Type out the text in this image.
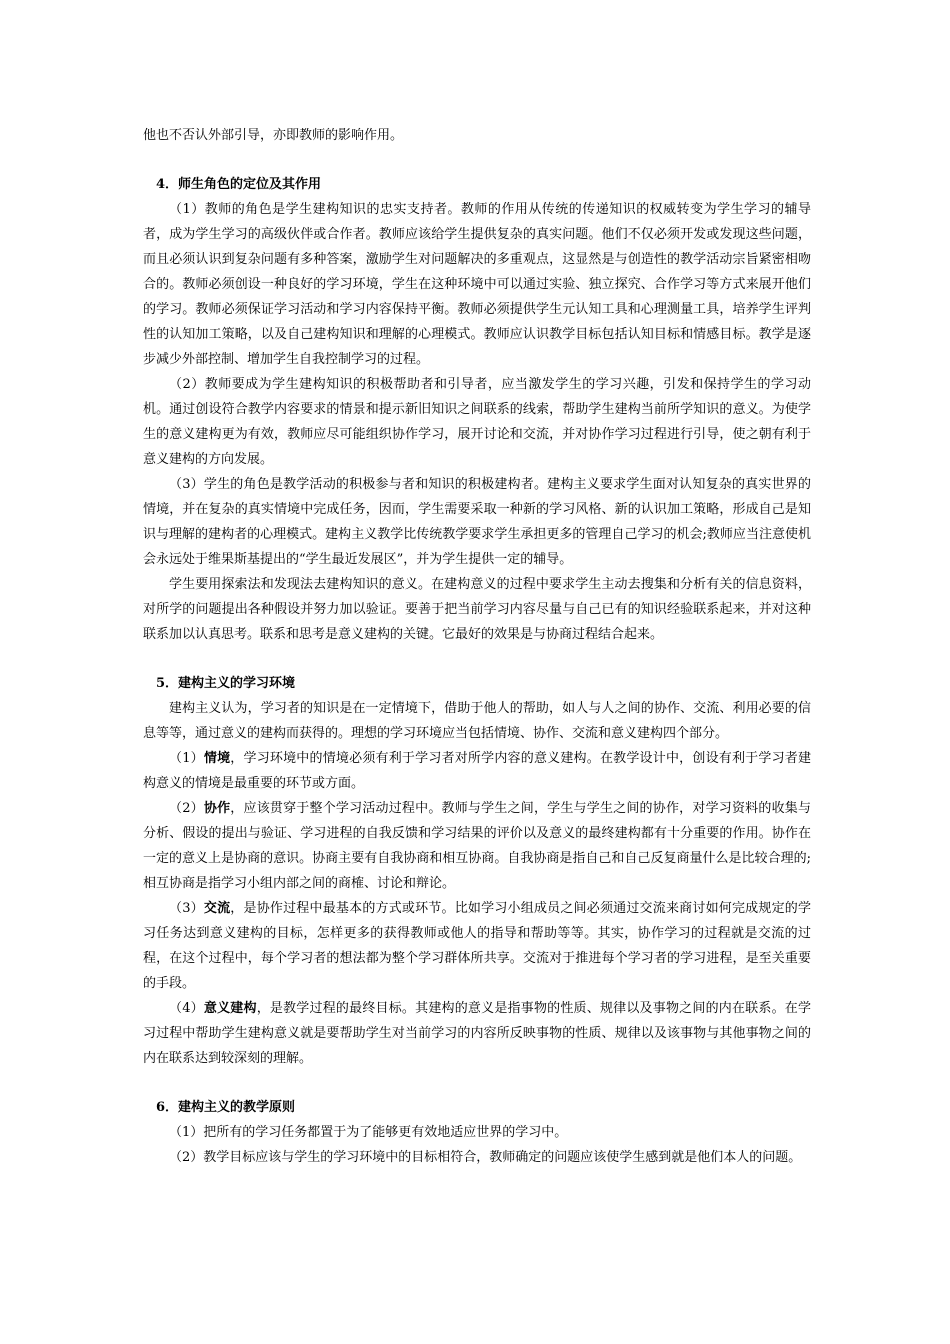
他也不否认外部引导，亦即教师的影响作用。

4．师生角色的定位及其作用

（1）教师的角色是学生建构知识的忠实支持者。教师的作用从传统的传递知识的权威转变为学生学习的辅导者，成为学生学习的高级伙伴或合作者。教师应该给学生提供复杂的真实问题。他们不仅必须开发或发现这些问题，而且必须认识到复杂问题有多种答案，激励学生对问题解决的多重观点，这显然是与创造性的教学活动宗旨紧密相吻合的。教师必须创设一种良好的学习环境，学生在这种环境中可以通过实验、独立探究、合作学习等方式来展开他们的学习。教师必须保证学习活动和学习内容保持平衡。教师必须提供学生元认知工具和心理测量工具，培养学生评判性的认知加工策略，以及自己建构知识和理解的心理模式。教师应认识教学目标包括认知目标和情感目标。教学是逐步减少外部控制、增加学生自我控制学习的过程。

（2）教师要成为学生建构知识的积极帮助者和引导者，应当激发学生的学习兴趣，引发和保持学生的学习动机。通过创设符合教学内容要求的情景和提示新旧知识之间联系的线索，帮助学生建构当前所学知识的意义。为使学生的意义建构更为有效，教师应尽可能组织协作学习，展开讨论和交流，并对协作学习过程进行引导，使之朝有利于意义建构的方向发展。

（3）学生的角色是教学活动的积极参与者和知识的积极建构者。建构主义要求学生面对认知复杂的真实世界的情境，并在复杂的真实情境中完成任务，因而，学生需要采取一种新的学习风格、新的认识加工策略，形成自己是知识与理解的建构者的心理模式。建构主义教学比传统教学要求学生承担更多的管理自己学习的机会;教师应当注意使机会永远处于维果斯基提出的“学生最近发展区”，并为学生提供一定的辅导。

学生要用探索法和发现法去建构知识的意义。在建构意义的过程中要求学生主动去搜集和分析有关的信息资料，对所学的问题提出各种假设并努力加以验证。要善于把当前学习内容尽量与自己已有的知识经验联系起来，并对这种联系加以认真思考。联系和思考是意义建构的关键。它最好的效果是与协商过程结合起来。

5．建构主义的学习环境

建构主义认为，学习者的知识是在一定情境下，借助于他人的帮助，如人与人之间的协作、交流、利用必要的信息等等，通过意义的建构而获得的。理想的学习环境应当包括情境、协作、交流和意义建构四个部分。

（1）情境，学习环境中的情境必须有利于学习者对所学内容的意义建构。在教学设计中，创设有利于学习者建构意义的情境是最重要的环节或方面。

（2）协作，应该贯穿于整个学习活动过程中。教师与学生之间，学生与学生之间的协作，对学习资料的收集与分析、假设的提出与验证、学习进程的自我反馈和学习结果的评价以及意义的最终建构都有十分重要的作用。协作在一定的意义上是协商的意识。协商主要有自我协商和相互协商。自我协商是指自己和自己反复商量什么是比较合理的;相互协商是指学习小组内部之间的商榷、讨论和辩论。

（3）交流，是协作过程中最基本的方式或环节。比如学习小组成员之间必须通过交流来商讨如何完成规定的学习任务达到意义建构的目标，怎样更多的获得教师或他人的指导和帮助等等。其实，协作学习的过程就是交流的过程，在这个过程中，每个学习者的想法都为整个学习群体所共享。交流对于推进每个学习者的学习进程，是至关重要的手段。

（4）意义建构，是教学过程的最终目标。其建构的意义是指事物的性质、规律以及事物之间的内在联系。在学习过程中帮助学生建构意义就是要帮助学生对当前学习的内容所反映事物的性质、规律以及该事物与其他事物之间的内在联系达到较深刻的理解。

6．建构主义的教学原则

（1）把所有的学习任务都置于为了能够更有效地适应世界的学习中。

（2）教学目标应该与学生的学习环境中的目标相符合，教师确定的问题应该使学生感到就是他们本人的问题。
